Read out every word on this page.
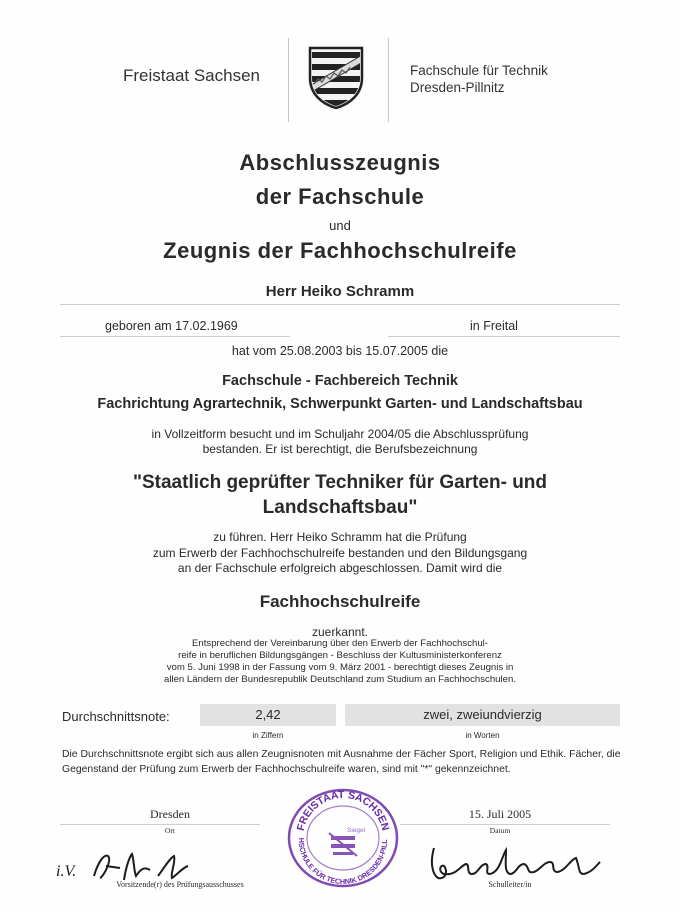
Freistaat Sachsen	Fachschule für Technik
Dresden-Pillnitz
Abschlusszeugnis
der Fachschule
und
Zeugnis der Fachhochschulreife
Herr Heiko Schramm
geboren am 17.02.1969	in Freital
hat vom 25.08.2003 bis 15.07.2005 die
Fachschule - Fachbereich Technik
Fachrichtung Agrartechnik, Schwerpunkt Garten- und Landschaftsbau
in Vollzeitform besucht und im Schuljahr 2004/05 die Abschlussprüfung
bestanden. Er ist berechtigt, die Berufsbezeichnung
"Staatlich geprüfter Techniker für Garten- und
Landschaftsbau"
zu führen. Herr Heiko Schramm hat die Prüfung
zum Erwerb der Fachhochschulreife bestanden und den Bildungsgang
an der Fachschule erfolgreich abgeschlossen. Damit wird die
Fachhochschulreife
zuerkannt.
Entsprechend der Vereinbarung über den Erwerb der Fachhochschul-
reife in beruflichen Bildungsgängen - Beschluss der Kultusministerkonferenz
vom 5. Juni 1998 in der Fassung vom 9. März 2001 - berechtigt dieses Zeugnis in
allen Ländern der Bundesrepublik Deutschland zum Studium an Fachhochschulen.
Durchschnittsnote:	2,42	zwei, zweiundvierzig
in Ziffern	in Worten
Die Durchschnittsnote ergibt sich aus allen Zeugnisnoten mit Ausnahme der Fächer Sport, Religion und Ethik. Fächer, die
Gegenstand der Prüfung zum Erwerb der Fachhochschulreife waren, sind mit "*" gekennzeichnet.
Dresden
Ort
15. Juli 2005
Datum
FREISTAAT SACHSEN
HSCHULE FÜR TECHNIK DRESDEN-PILL
Siegel
i.V.
Vorsitzende(r) des Prüfungsausschusses	Schulleiter/in
